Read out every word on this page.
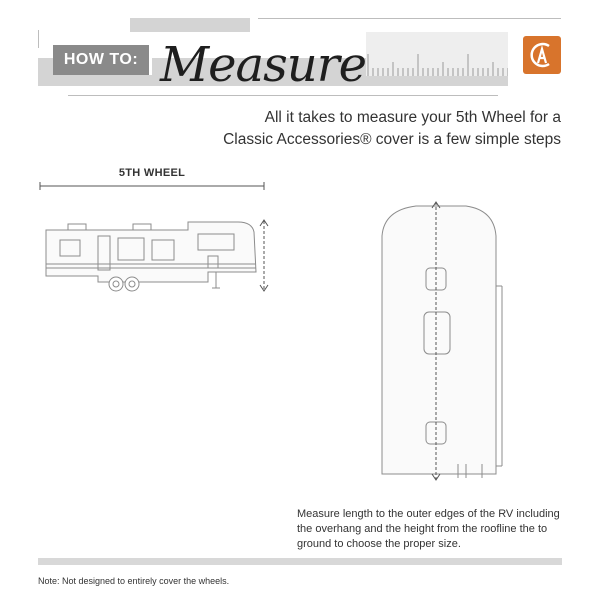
HOW TO: Measure
All it takes to measure your 5th Wheel for a
Classic Accessories® cover is a few simple steps
5TH WHEEL
Measure length to the outer edges of the RV including the overhang and the height from the roofline the to ground to choose the proper size.
Note: Not designed to entirely cover the wheels.
